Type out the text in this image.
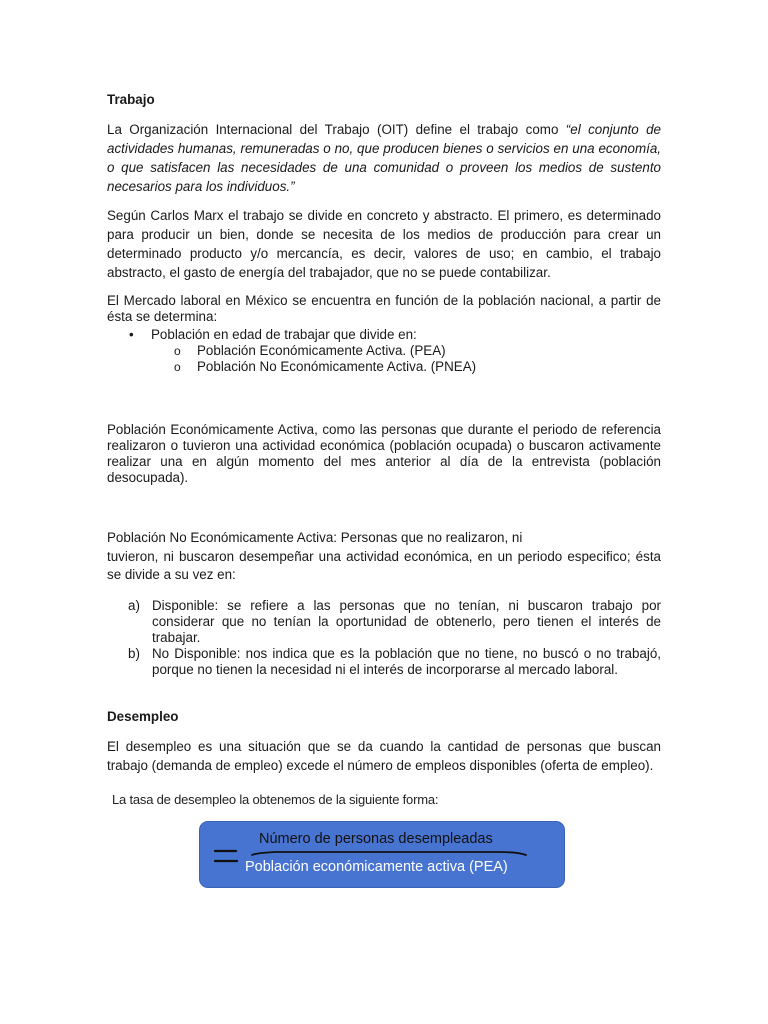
Trabajo
La Organización Internacional del Trabajo (OIT) define el trabajo como “el conjunto de actividades humanas, remuneradas o no, que producen bienes o servicios en una economía, o que satisfacen las necesidades de una comunidad o proveen los medios de sustento necesarios para los individuos.”
Según Carlos Marx el trabajo se divide en concreto y abstracto. El primero, es determinado para producir un bien, donde se necesita de los medios de producción para crear un determinado producto y/o mercancía, es decir, valores de uso; en cambio, el trabajo abstracto, el gasto de energía del trabajador, que no se puede contabilizar.
El Mercado laboral en México se encuentra en función de la población nacional, a partir de ésta se determina:
• Población en edad de trabajar que divide en:
o Población Económicamente Activa. (PEA)
o Población No Económicamente Activa. (PNEA)
Población Económicamente Activa, como las personas que durante el periodo de referencia realizaron o tuvieron una actividad económica (población ocupada) o buscaron activamente realizar una en algún momento del mes anterior al día de la entrevista (población desocupada).
Población No Económicamente Activa: Personas que no realizaron, ni
tuvieron, ni buscaron desempeñar una actividad económica, en un periodo especifico; ésta se divide a su vez en:
a) Disponible: se refiere a las personas que no tenían, ni buscaron trabajo por considerar que no tenían la oportunidad de obtenerlo, pero tienen el interés de trabajar.
b) No Disponible: nos indica que es la población que no tiene, no buscó o no trabajó, porque no tienen la necesidad ni el interés de incorporarse al mercado laboral.
Desempleo
El desempleo es una situación que se da cuando la cantidad de personas que buscan trabajo (demanda de empleo) excede el número de empleos disponibles (oferta de empleo).
La tasa de desempleo la obtenemos de la siguiente forma:
Número de personas desempleadas
Población económicamente activa (PEA)
